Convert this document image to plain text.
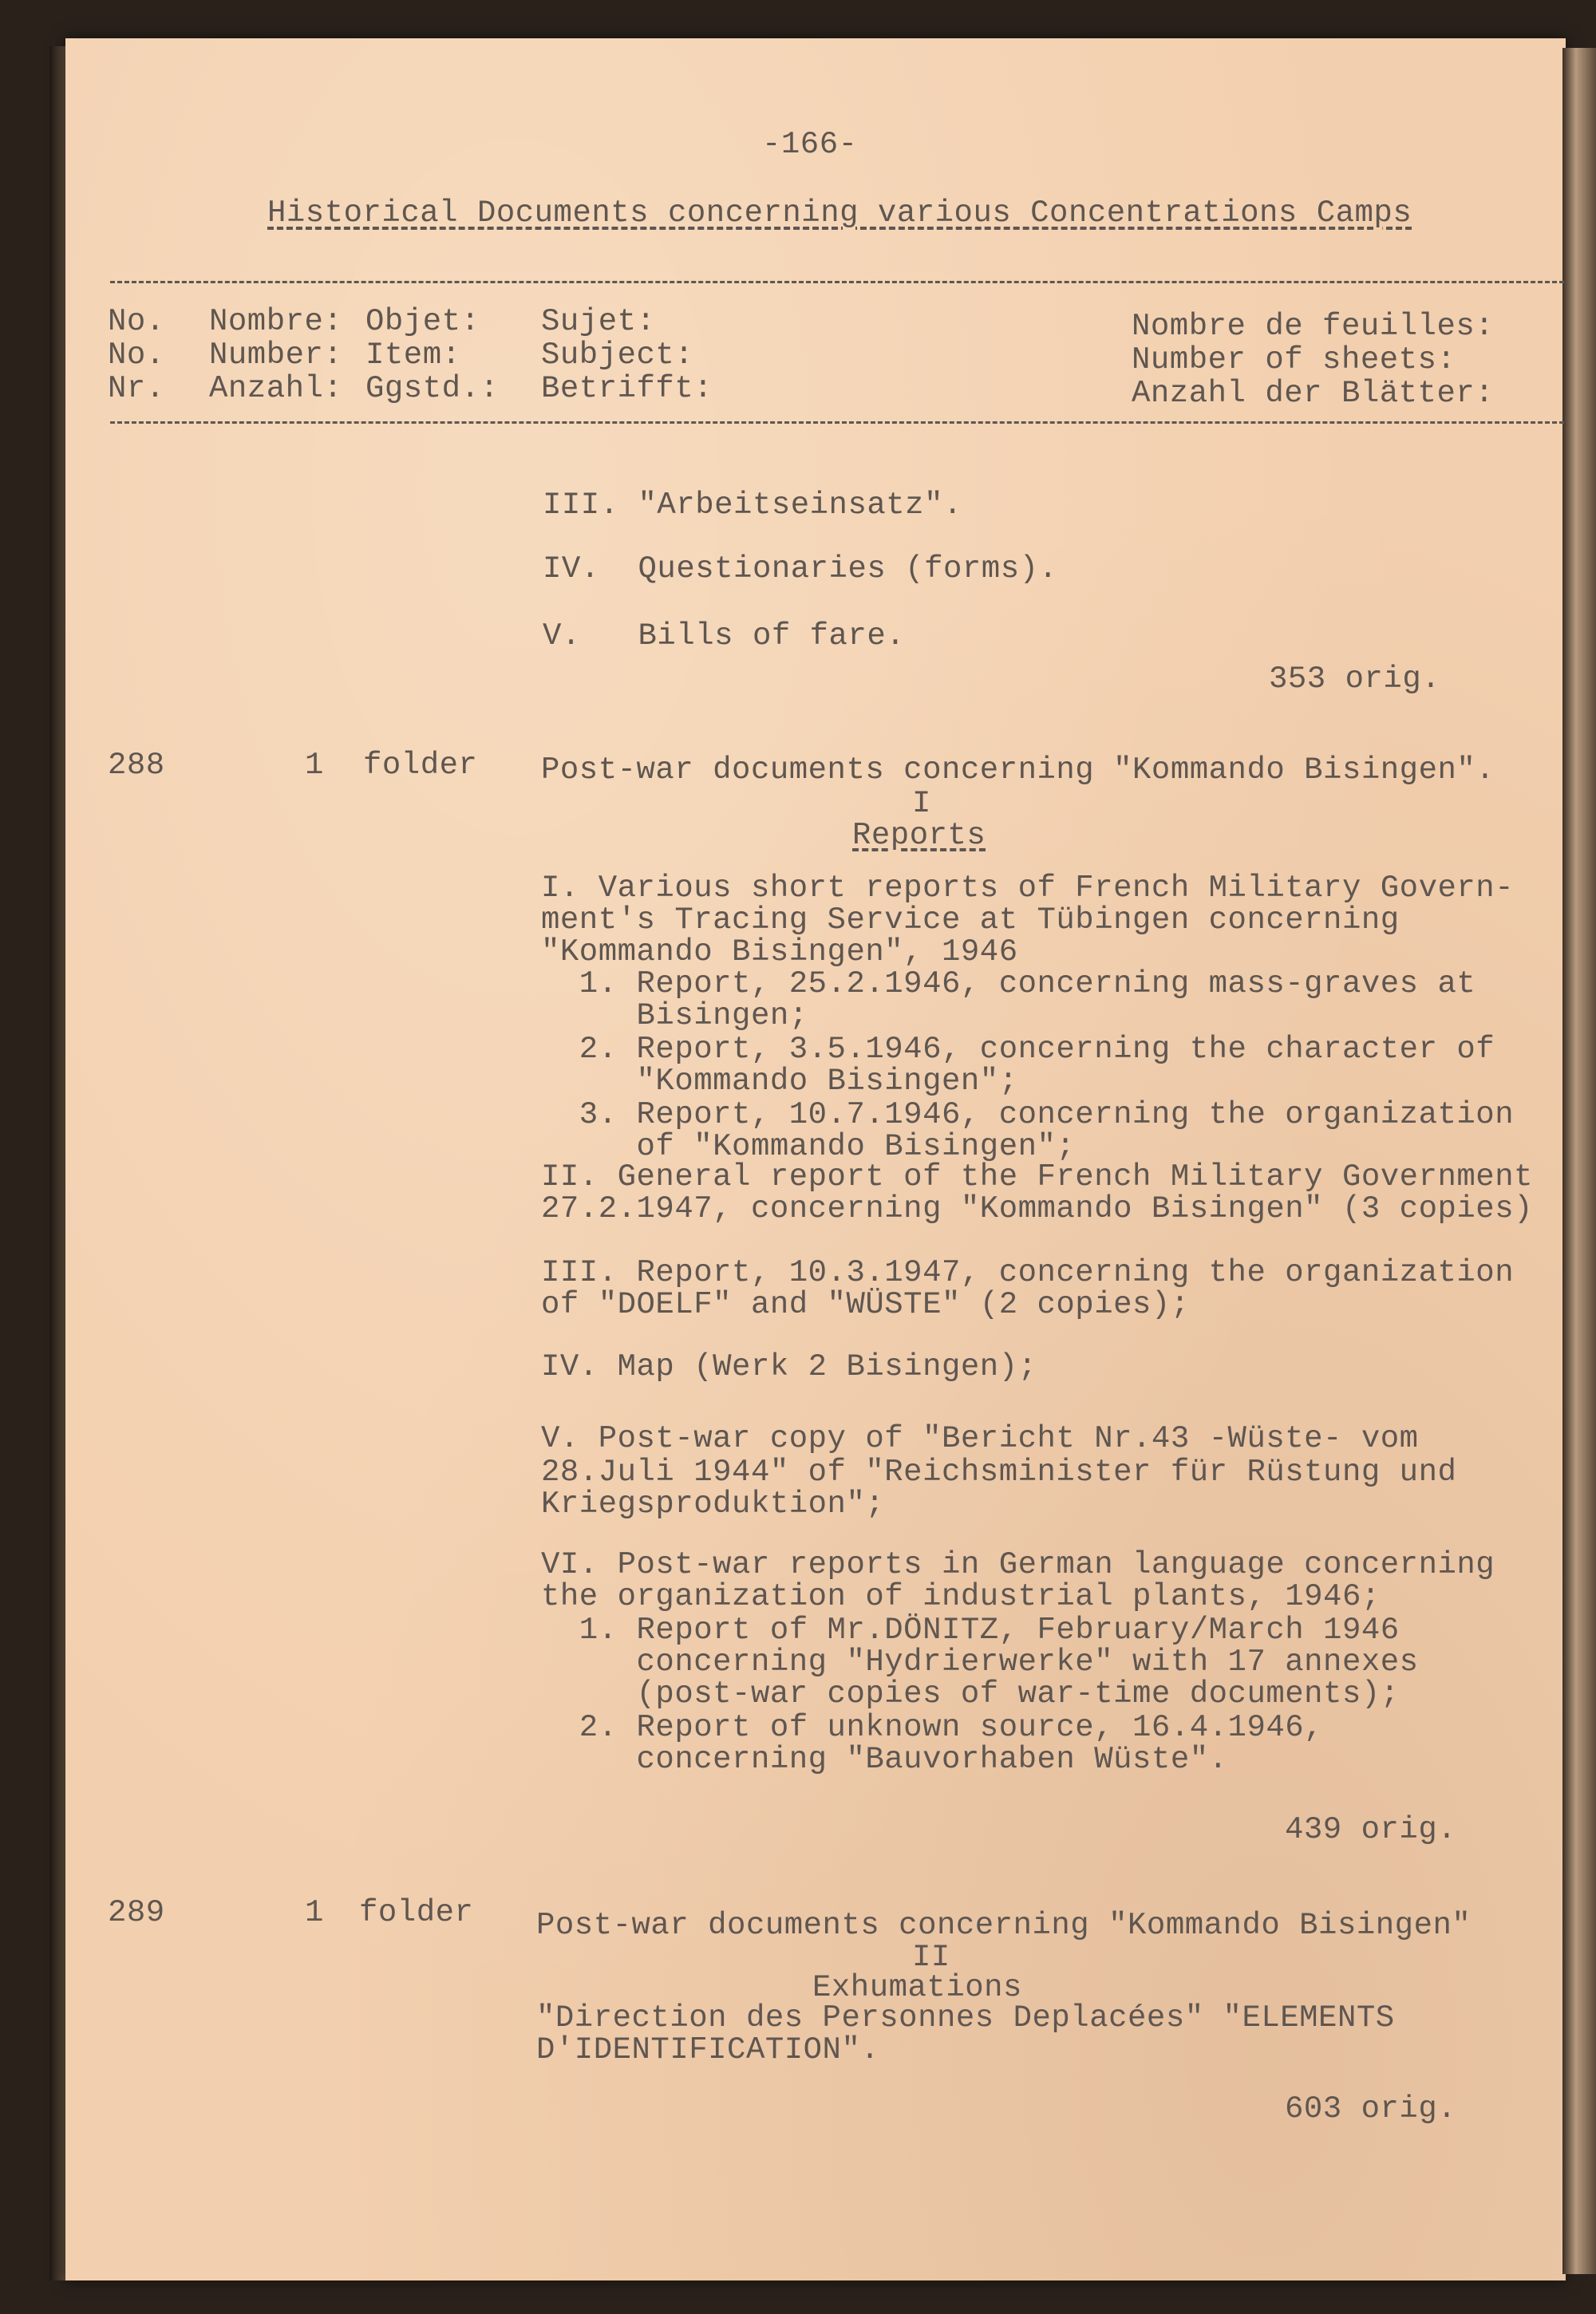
-166-
Historical Documents concerning various Concentrations Camps
No.
No.
Nr.
Nombre:
Number:
Anzahl:
Objet:
Item:
Ggstd.:
Sujet:
Subject:
Betrifft:
Nombre de feuilles:
Number of sheets:
Anzahl der Blätter:
III. "Arbeitseinsatz".
IV.  Questionaries (forms).
V.   Bills of fare.
353 orig.
288	1 folder Post-war documents concerning "Kommando Bisingen".
I
Reports
I. Various short reports of French Military Govern-
ment's Tracing Service at Tübingen concerning
"Kommando Bisingen", 1946
1. Report, 25.2.1946, concerning mass-graves at
Bisingen;
2. Report, 3.5.1946, concerning the character of
"Kommando Bisingen";
3. Report, 10.7.1946, concerning the organization
of "Kommando Bisingen";
II. General report of the French Military Government
27.2.1947, concerning "Kommando Bisingen" (3 copies)
III. Report, 10.3.1947, concerning the organization
of "DOELF" and "WÜSTE" (2 copies);
IV. Map (Werk 2 Bisingen);
V. Post-war copy of "Bericht Nr.43 -Wüste- vom
28.Juli 1944" of "Reichsminister für Rüstung und
Kriegsproduktion";
VI. Post-war reports in German language concerning
the organization of industrial plants, 1946;
1. Report of Mr.DÖNITZ, February/March 1946
concerning "Hydrierwerke" with 17 annexes
(post-war copies of war-time documents);
2. Report of unknown source, 16.4.1946,
concerning "Bauvorhaben Wüste".
439 orig.
289	1 folder Post-war documents concerning "Kommando Bisingen"
II
Exhumations
"Direction des Personnes Deplacées" "ELEMENTS
D'IDENTIFICATION".
603 orig.
